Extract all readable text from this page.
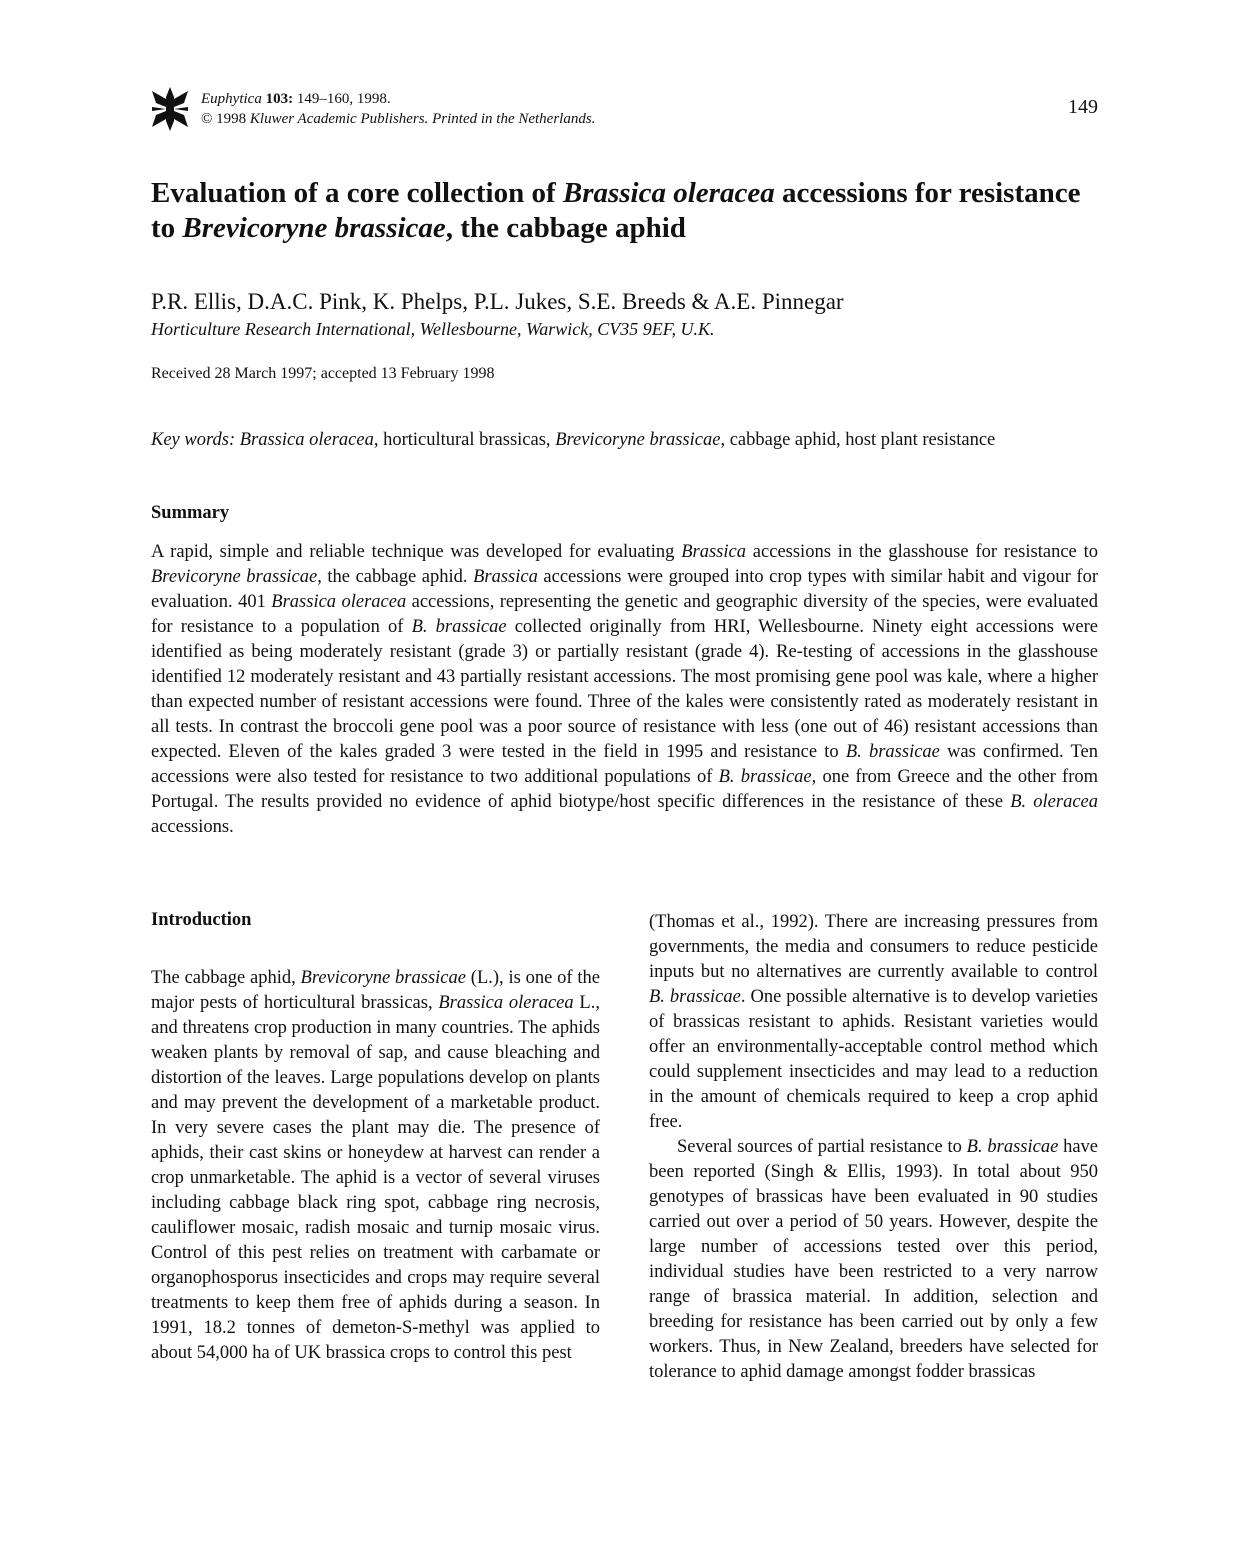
Euphytica 103: 149–160, 1998.
© 1998 Kluwer Academic Publishers. Printed in the Netherlands.
149
Evaluation of a core collection of Brassica oleracea accessions for resistance to Brevicoryne brassicae, the cabbage aphid
P.R. Ellis, D.A.C. Pink, K. Phelps, P.L. Jukes, S.E. Breeds & A.E. Pinnegar
Horticulture Research International, Wellesbourne, Warwick, CV35 9EF, U.K.
Received 28 March 1997; accepted 13 February 1998
Key words: Brassica oleracea, horticultural brassicas, Brevicoryne brassicae, cabbage aphid, host plant resistance
Summary

A rapid, simple and reliable technique was developed for evaluating Brassica accessions in the glasshouse for resistance to Brevicoryne brassicae, the cabbage aphid. Brassica accessions were grouped into crop types with similar habit and vigour for evaluation. 401 Brassica oleracea accessions, representing the genetic and geographic diversity of the species, were evaluated for resistance to a population of B. brassicae collected originally from HRI, Wellesbourne. Ninety eight accessions were identified as being moderately resistant (grade 3) or partially resistant (grade 4). Re-testing of accessions in the glasshouse identified 12 moderately resistant and 43 partially resistant accessions. The most promising gene pool was kale, where a higher than expected number of resistant accessions were found. Three of the kales were consistently rated as moderately resistant in all tests. In contrast the broccoli gene pool was a poor source of resistance with less (one out of 46) resistant accessions than expected. Eleven of the kales graded 3 were tested in the field in 1995 and resistance to B. brassicae was confirmed. Ten accessions were also tested for resistance to two additional populations of B. brassicae, one from Greece and the other from Portugal. The results provided no evidence of aphid biotype/host specific differences in the resistance of these B. oleracea accessions.

Introduction

The cabbage aphid, Brevicoryne brassicae (L.), is one of the major pests of horticultural brassicas, Brassica oleracea L., and threatens crop production in many countries. The aphids weaken plants by removal of sap, and cause bleaching and distortion of the leaves. Large populations develop on plants and may prevent the development of a marketable product. In very severe cases the plant may die. The presence of aphids, their cast skins or honeydew at harvest can render a crop unmarketable. The aphid is a vector of several viruses including cabbage black ring spot, cabbage ring necrosis, cauliflower mosaic, radish mosaic and turnip mosaic virus. Control of this pest relies on treatment with carbamate or organophosporus insecticides and crops may require several treatments to keep them free of aphids during a season. In 1991, 18.2 tonnes of demeton-S-methyl was applied to about 54,000 ha of UK brassica crops to control this pest

(Thomas et al., 1992). There are increasing pressures from governments, the media and consumers to reduce pesticide inputs but no alternatives are currently available to control B. brassicae. One possible alternative is to develop varieties of brassicas resistant to aphids. Resistant varieties would offer an environmentally-acceptable control method which could supplement insecticides and may lead to a reduction in the amount of chemicals required to keep a crop aphid free.

Several sources of partial resistance to B. brassicae have been reported (Singh & Ellis, 1993). In total about 950 genotypes of brassicas have been evaluated in 90 studies carried out over a period of 50 years. However, despite the large number of accessions tested over this period, individual studies have been restricted to a very narrow range of brassica material. In addition, selection and breeding for resistance has been carried out by only a few workers. Thus, in New Zealand, breeders have selected for tolerance to aphid damage amongst fodder brassicas
